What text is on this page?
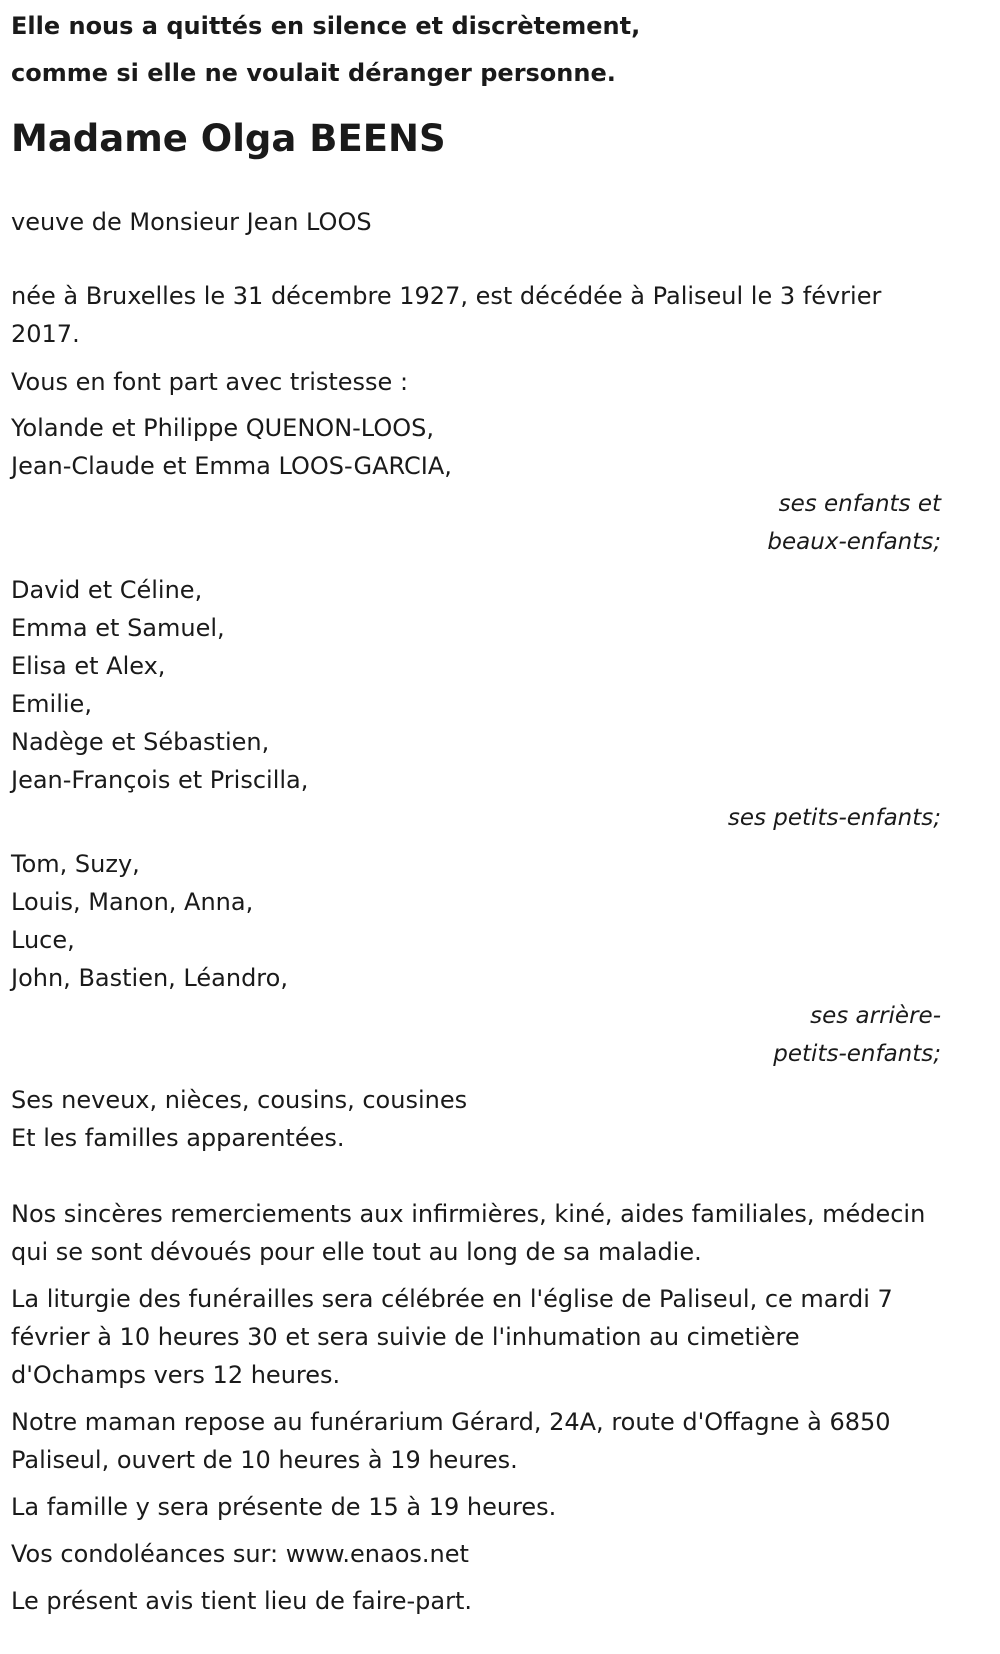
Elle nous a quittés en silence et discrètement,
comme si elle ne voulait déranger personne.
Madame Olga BEENS
veuve de Monsieur Jean LOOS
née à Bruxelles le 31 décembre 1927, est décédée à Paliseul le 3 février 2017.
Vous en font part avec tristesse :
Yolande et Philippe QUENON-LOOS,
Jean-Claude et Emma LOOS-GARCIA,
ses enfants et beaux-enfants;
David et Céline,
Emma et Samuel,
Elisa et Alex,
Emilie,
Nadège et Sébastien,
Jean-François et Priscilla,
ses petits-enfants;
Tom, Suzy,
Louis, Manon, Anna,
Luce,
John, Bastien, Léandro,
ses arrière-petits-enfants;
Ses neveux, nièces, cousins, cousines
Et les familles apparentées.
Nos sincères remerciements aux infirmières, kiné, aides familiales, médecin qui se sont dévoués pour elle tout au long de sa maladie.
La liturgie des funérailles sera célébrée en l'église de Paliseul, ce mardi 7 février à 10 heures 30 et sera suivie de l'inhumation au cimetière d'Ochamps vers 12 heures.
Notre maman repose au funérarium Gérard, 24A, route d'Offagne à 6850 Paliseul, ouvert de 10 heures à 19 heures.
La famille y sera présente de 15 à 19 heures.
Vos condoléances sur: www.enaos.net
Le présent avis tient lieu de faire-part.
